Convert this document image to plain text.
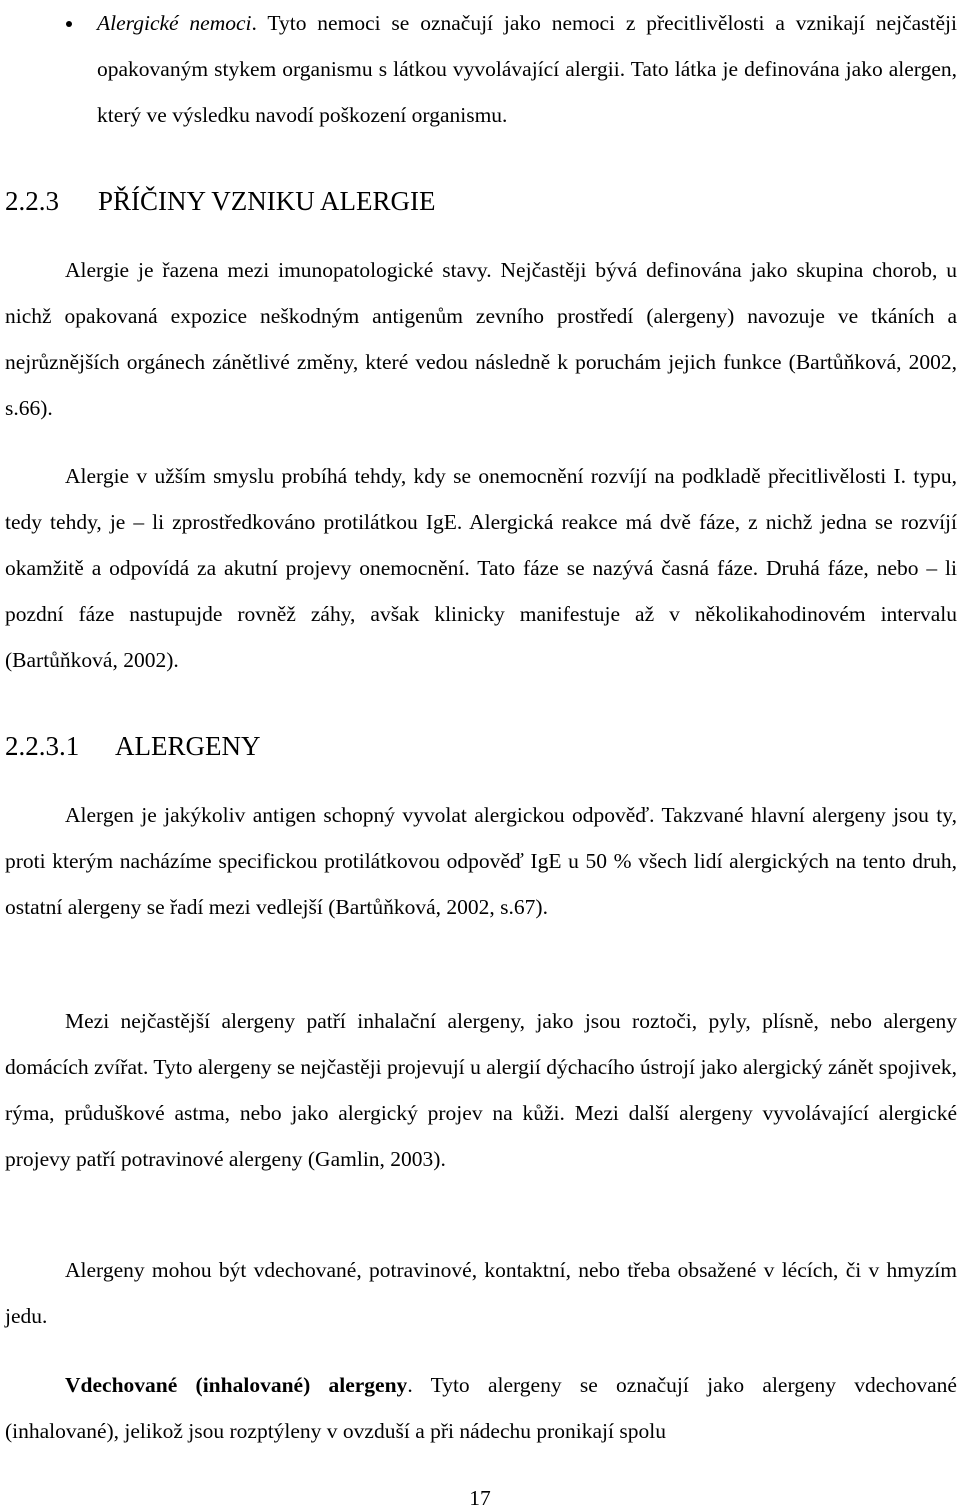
Alergické nemoci. Tyto nemoci se označují jako nemoci z přecitlivělosti a vznikají nejčastěji opakovaným stykem organismu s látkou vyvolávající alergii. Tato látka je definována jako alergen, který ve výsledku navodí poškození organismu.
2.2.3 PŘÍČINY VZNIKU ALERGIE

Alergie je řazena mezi imunopatologické stavy. Nejčastěji bývá definována jako skupina chorob, u nichž opakovaná expozice neškodným antigenům zevního prostředí (alergeny) navozuje ve tkáních a nejrůznějších orgánech zánětlivé změny, které vedou následně k poruchám jejich funkce (Bartůňková, 2002, s.66).

Alergie v užším smyslu probíhá tehdy, kdy se onemocnění rozvíjí na podkladě přecitlivělosti I. typu, tedy tehdy, je – li zprostředkováno protilátkou IgE. Alergická reakce má dvě fáze, z nichž jedna se rozvíjí okamžitě a odpovídá za akutní projevy onemocnění. Tato fáze se nazývá časná fáze. Druhá fáze, nebo – li pozdní fáze nastupujde rovněž záhy, avšak klinicky manifestuje až v několikahodinovém intervalu (Bartůňková, 2002).

2.2.3.1 ALERGENY

Alergen je jakýkoliv antigen schopný vyvolat alergickou odpověď. Takzvané hlavní alergeny jsou ty, proti kterým nacházíme specifickou protilátkovou odpověď IgE u 50 % všech lidí alergických na tento druh, ostatní alergeny se řadí mezi vedlejší (Bartůňková, 2002, s.67).

Mezi nejčastější alergeny patří inhalační alergeny, jako jsou roztoči, pyly, plísně, nebo alergeny domácích zvířat. Tyto alergeny se nejčastěji projevují u alergií dýchacího ústrojí jako alergický zánět spojivek, rýma, průduškové astma, nebo jako alergický projev na kůži. Mezi další alergeny vyvolávající alergické projevy patří potravinové alergeny (Gamlin, 2003).

Alergeny mohou být vdechované, potravinové, kontaktní, nebo třeba obsažené v lécích, či v hmyzím jedu.

Vdechované (inhalované) alergeny. Tyto alergeny se označují jako alergeny vdechované (inhalované), jelikož jsou rozptýleny v ovzduší a při nádechu pronikají spolu

17
